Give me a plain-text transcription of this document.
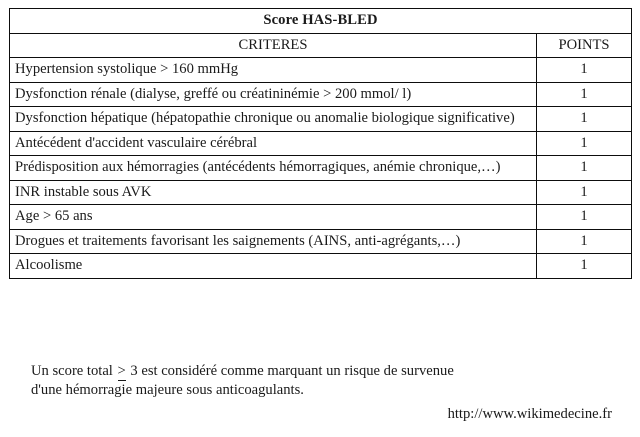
Score HAS-BLED	
CRITERES	POINTS
Hypertension systolique > 160 mmHg	1
Dysfonction rénale (dialyse, greffé ou créatininémie > 200 mmol/ l)	1
Dysfonction hépatique (hépatopathie chronique ou anomalie biologique significative)	1
Antécédent d'accident vasculaire cérébral	1
Prédisposition aux hémorragies (antécédents hémorragiques, anémie chronique,…)	1
INR instable sous AVK	1
Age > 65 ans	1
Drogues et traitements favorisant les saignements (AINS, anti-agrégants,…)	1
Alcoolisme	1
Un score total > 3 est considéré comme marquant un risque de survenue
d'une hémorragie majeure sous anticoagulants.
http://www.wikimedecine.fr
